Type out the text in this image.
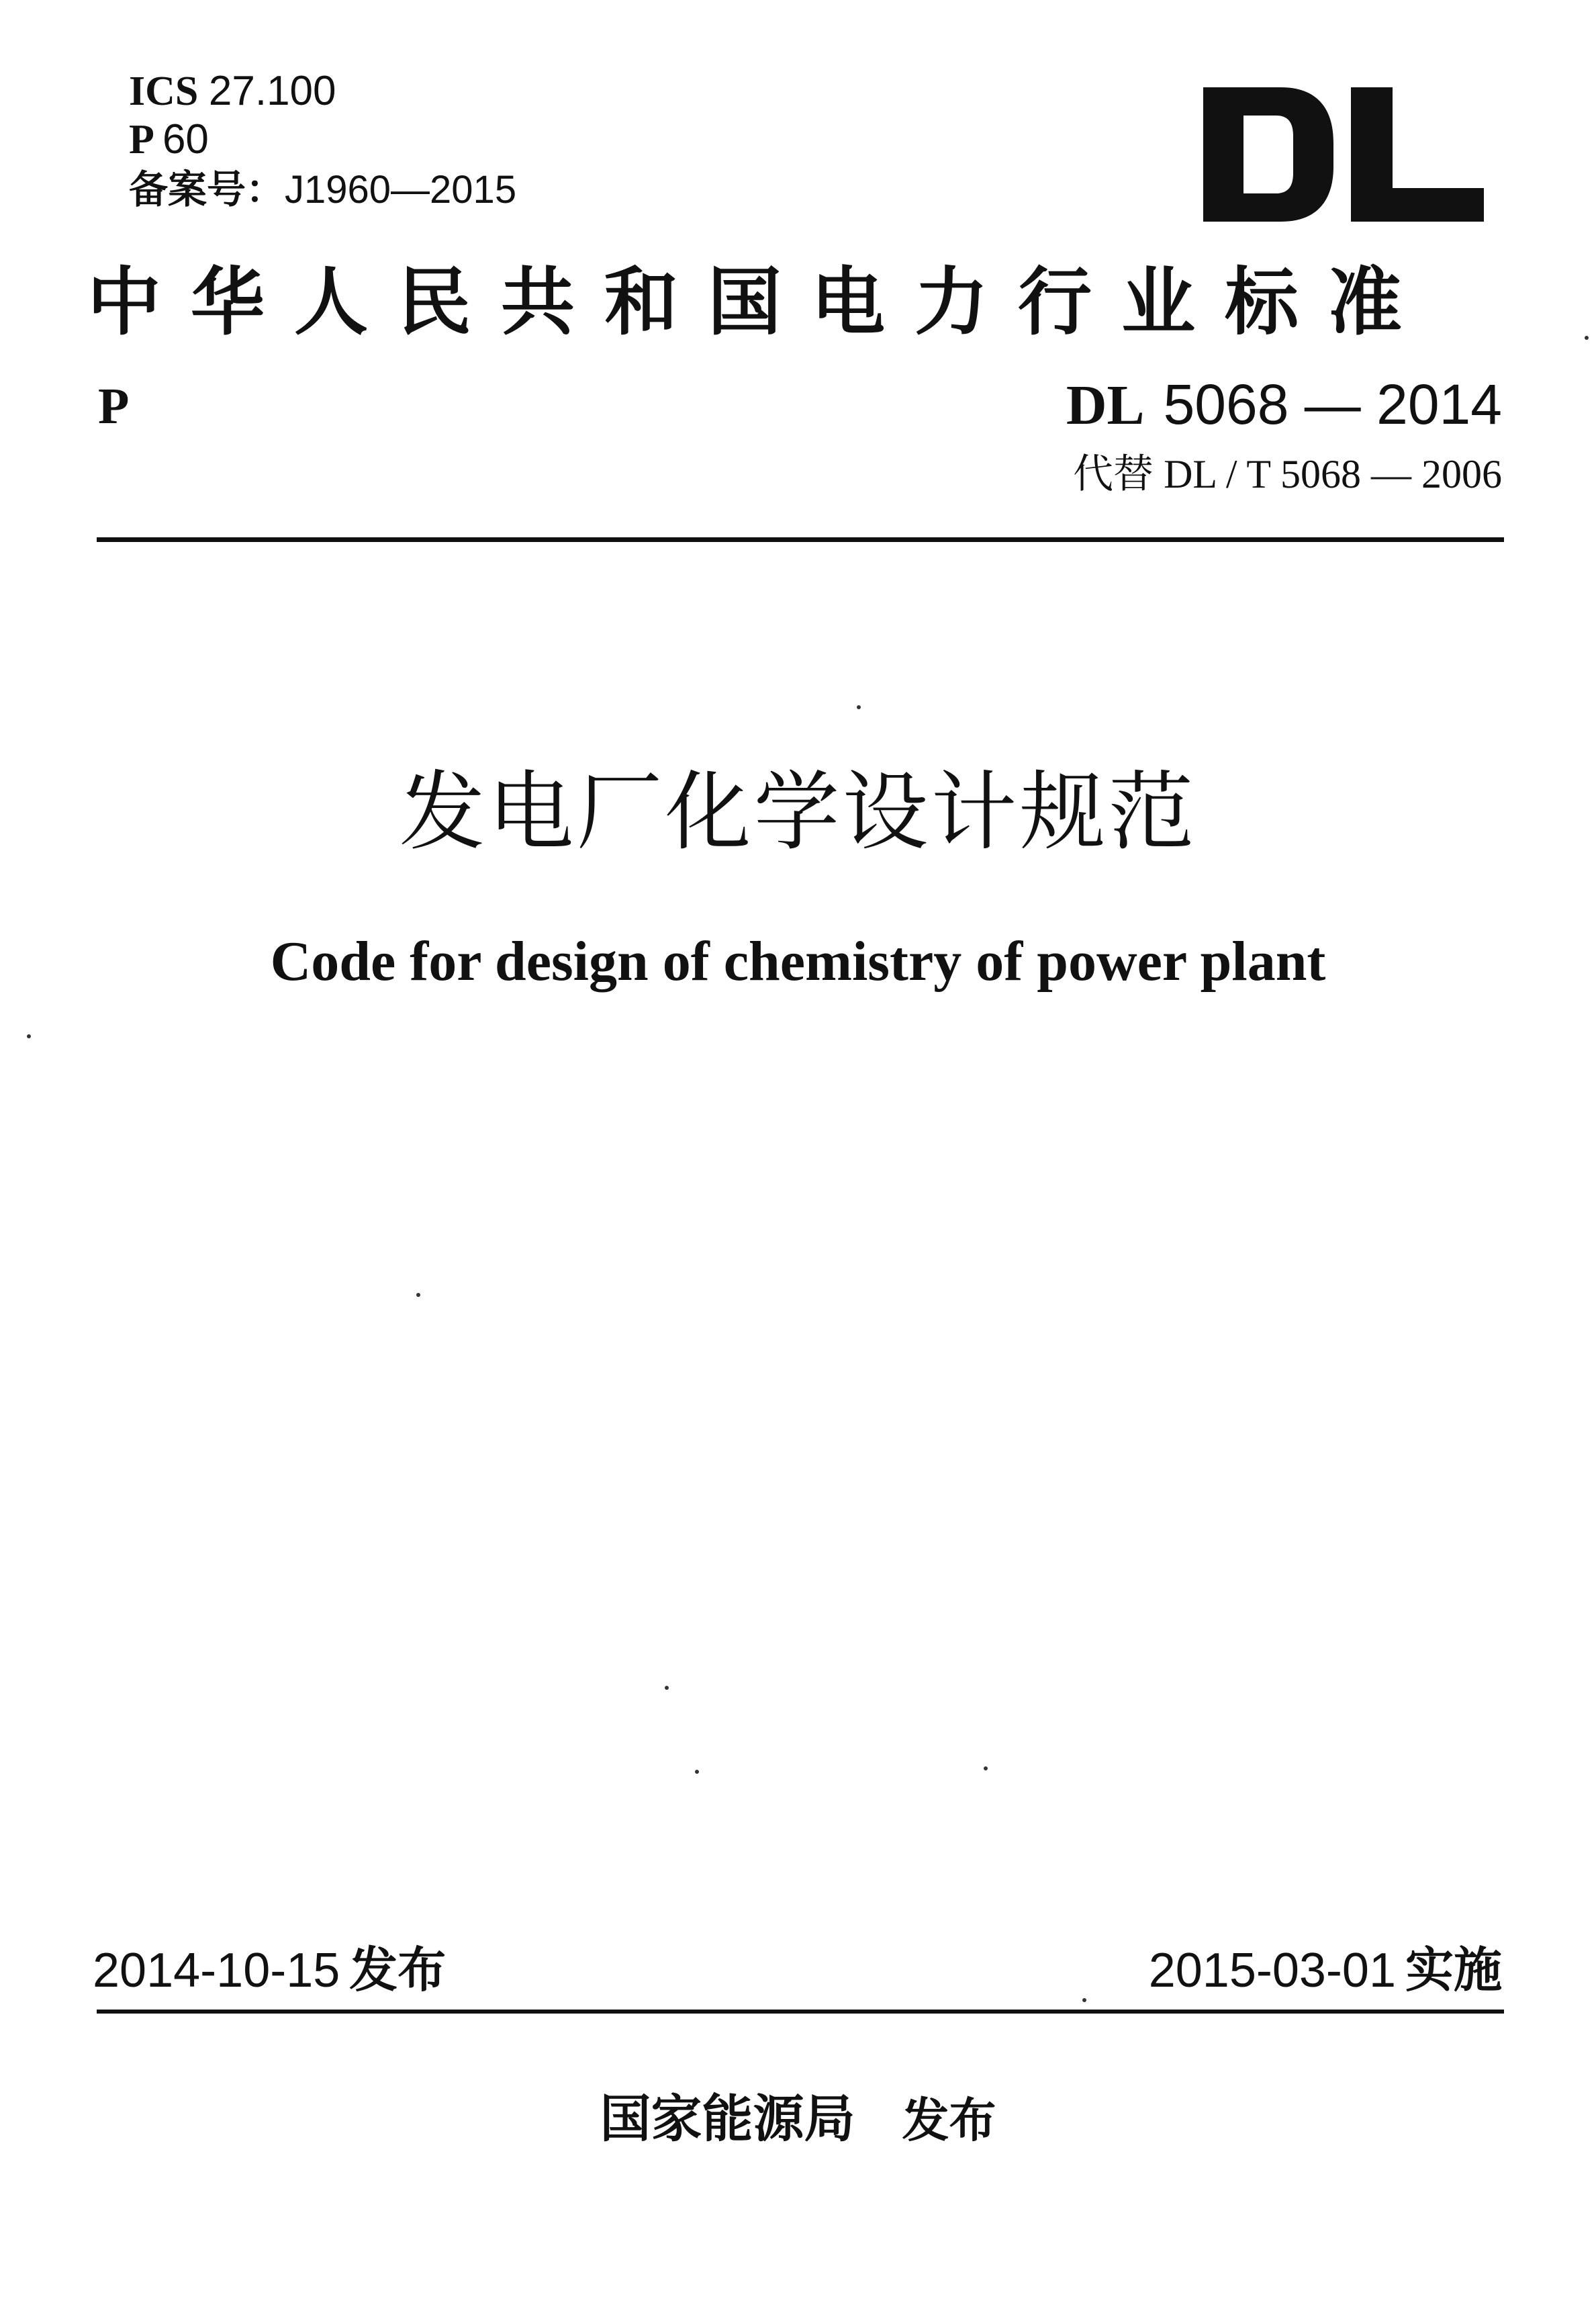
ICS 27.100
P 60
备案号：J1960—2015
中华人民共和国电力行业标准
P	DL 5068 — 2014
代替 DL / T 5068 — 2006
发电厂化学设计规范
Code for design of chemistry of power plant
2014-10-15 发布	2015-03-01 实施
国家能源局 发布
